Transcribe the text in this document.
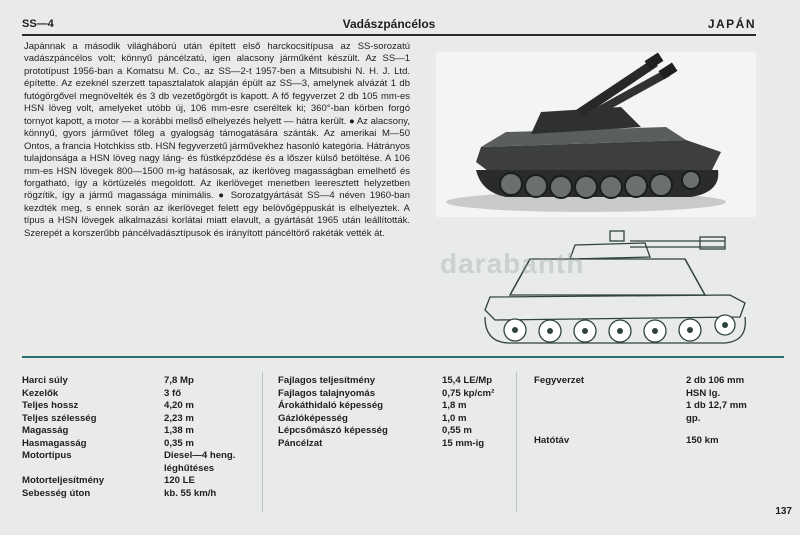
SS—4	Vadászpáncélos	JAPÁN

Japánnak a második világháború után épített első harckocsitípusa az SS-sorozatú vadászpáncélos volt; könnyű páncélzatú, igen alacsony járműként készült. Az SS—1 prototípust 1956-ban a Komatsu M. Co., az SS—2-t 1957-ben a Mitsubishi N. H. J. Ltd. építette. Az ezeknél szerzett tapasztalatok alapján épült az SS—3, amelynek alvázát 1 db futógörgővel megnövelték és 3 db vezetőgörgőt is kapott. A fő fegyverzet 2 db 105 mm-es HSN löveg volt, amelyeket utóbb új, 106 mm-esre cseréltek ki; 360°-ban körben forgó tornyot kapott, a motor — a korábbi mellső elhelyezés helyett — hátra került. ● Az alacsony, könnyű, gyors járművet főleg a gyalogság támogatására szánták. Az amerikai M—50 Ontos, a francia Hotchkiss stb. HSN fegyverzetű járművekhez hasonló kategória. Hátrányos tulajdonsága a HSN löveg nagy láng- és füstképződése és a lőszer külső betöltése. A 106 mm-es HSN lövegek 800—1500 m-ig hatásosak, az ikerlöveg magasságban emelhető és forgatható, így a körtüzelés megoldott. Az ikerlöveget menetben leeresztett helyzetben rögzítik, így a jármű magassága minimális. ● Sorozatgyártását SS—4 néven 1960-ban kezdték meg, s ennek során az ikerlöveget felett egy belövőgéppuskát is elhelyeztek. A típus a HSN lövegek alkalmazási korlátai miatt elavult, a gyártását 1965 után leállították. Szerepét a korszerűbb páncélvadásztípusok és irányított páncéltörő rakéták vették át.

darabanth
Harci súly	7,8 Mp
Kezelők	3 fő
Teljes hossz	4,20 m
Teljes szélesség	2,23 m
Magasság	1,38 m
Hasmagasság	0,35 m
Motortípus	Diesel—4 heng.
léghűtéses
Motorteljesítmény	120 LE
Sebesség úton	kb. 55 km/h
Fajlagos teljesítmény	15,4 LE/Mp
Fajlagos talajnyomás	0,75 kp/cm²
Árokáthidaló képesség	1,8 m
Gázlóképesség	1,0 m
Lépcsőmászó képesség	0,55 m
Páncélzat	15 mm-ig
Fegyverzet	2 db 106 mm
HSN lg.
1 db 12,7 mm
gp.
Hatótáv	150 km
137
